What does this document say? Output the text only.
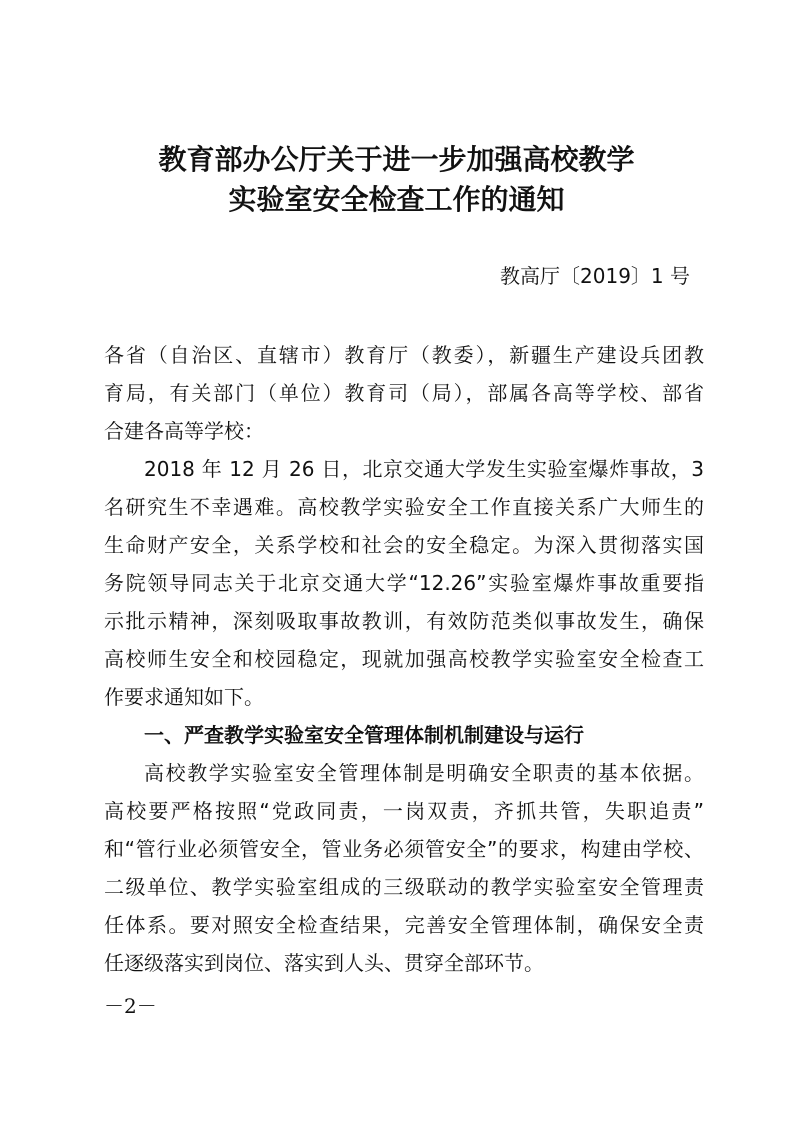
教育部办公厅关于进一步加强高校教学
实验室安全检查工作的通知

教高厅〔2019〕1 号

各省（自治区、直辖市）教育厅（教委），新疆生产建设兵团教
育局，有关部门（单位）教育司（局），部属各高等学校、部省
合建各高等学校：
2018 年 12 月 26 日，北京交通大学发生实验室爆炸事故，3
名研究生不幸遇难。高校教学实验安全工作直接关系广大师生的
生命财产安全，关系学校和社会的安全稳定。为深入贯彻落实国
务院领导同志关于北京交通大学“12.26”实验室爆炸事故重要指
示批示精神，深刻吸取事故教训，有效防范类似事故发生，确保
高校师生安全和校园稳定，现就加强高校教学实验室安全检查工
作要求通知如下。
一、严查教学实验室安全管理体制机制建设与运行
高校教学实验室安全管理体制是明确安全职责的基本依据。
高校要严格按照“党政同责，一岗双责，齐抓共管，失职追责”
和“管行业必须管安全，管业务必须管安全”的要求，构建由学校、
二级单位、教学实验室组成的三级联动的教学实验室安全管理责
任体系。要对照安全检查结果，完善安全管理体制，确保安全责
任逐级落实到岗位、落实到人头、贯穿全部环节。

－2－
